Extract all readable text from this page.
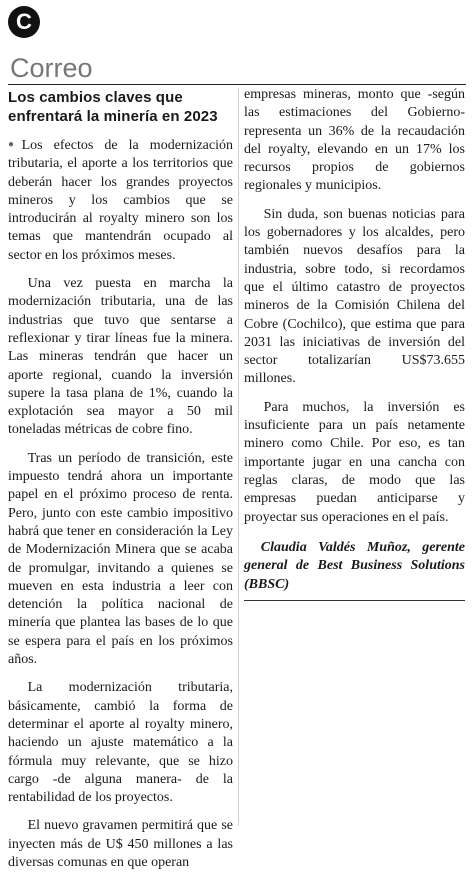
C
Correo
Los cambios claves que enfrentará la minería en 2023

●Los efectos de la modernización tributaria, el aporte a los territorios que deberán hacer los grandes proyectos mineros y los cambios que se introducirán al royalty minero son los temas que mantendrán ocupado al sector en los próximos meses.

Una vez puesta en marcha la modernización tributaria, una de las industrias que tuvo que sentarse a reflexionar y tirar líneas fue la minera. Las mineras tendrán que hacer un aporte regional, cuando la inversión supere la tasa plana de 1%, cuando la explotación sea mayor a 50 mil toneladas métricas de cobre fino.

Tras un período de transición, este impuesto tendrá ahora un importante papel en el próximo proceso de renta. Pero, junto con este cambio impositivo habrá que tener en consideración la Ley de Modernización Minera que se acaba de promulgar, invitando a quienes se mueven en esta industria a leer con detención la política nacional de minería que plantea las bases de lo que se espera para el país en los próximos años.

La modernización tributaria, básicamente, cambió la forma de determinar el aporte al royalty minero, haciendo un ajuste matemático a la fórmula muy relevante, que se hizo cargo -de alguna manera- de la rentabilidad de los proyectos.

El nuevo gravamen permitirá que se inyecten más de U$ 450 millones a las diversas comunas en que operan

empresas mineras, monto que -según las estimaciones del Gobierno- representa un 36% de la recaudación del royalty, elevando en un 17% los recursos propios de gobiernos regionales y municipios.

Sin duda, son buenas noticias para los gobernadores y los alcaldes, pero también nuevos desafíos para la industria, sobre todo, si recordamos que el último catastro de proyectos mineros de la Comisión Chilena del Cobre (Cochilco), que estima que para 2031 las iniciativas de inversión del sector totalizarían US$73.655 millones.

Para muchos, la inversión es insuficiente para un país netamente minero como Chile. Por eso, es tan importante jugar en una cancha con reglas claras, de modo que las empresas puedan anticiparse y proyectar sus operaciones en el país.

Claudia Valdés Muñoz, gerente general de Best Business Solutions (BBSC)
